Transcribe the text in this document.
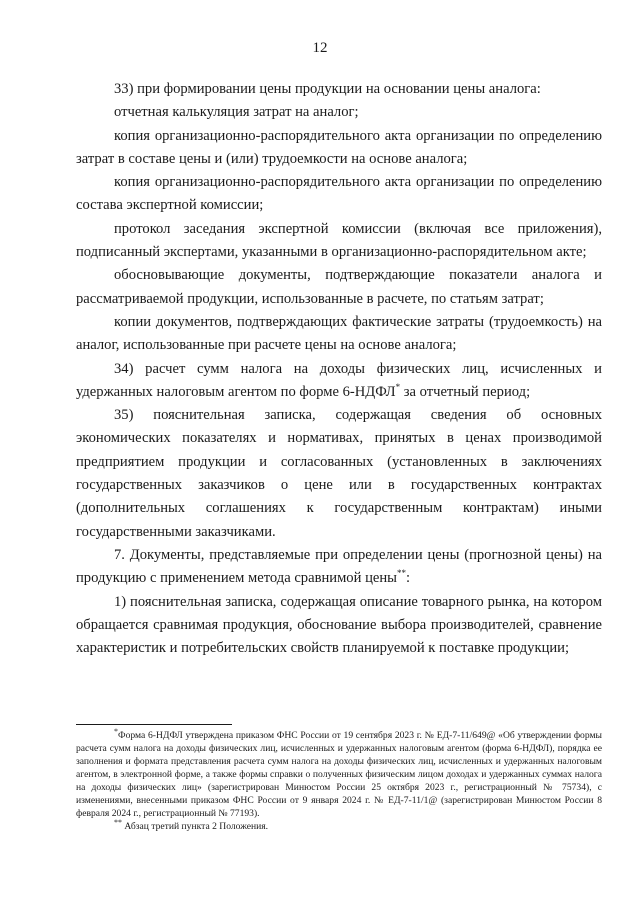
12

33) при формировании цены продукции на основании цены аналога:

отчетная калькуляция затрат на аналог;

копия организационно-распорядительного акта организации по определению затрат в составе цены и (или) трудоемкости на основе аналога;

копия организационно-распорядительного акта организации по определению состава экспертной комиссии;

протокол заседания экспертной комиссии (включая все приложения), подписанный экспертами, указанными в организационно-распорядительном акте;

обосновывающие документы, подтверждающие показатели аналога и рассматриваемой продукции, использованные в расчете, по статьям затрат;

копии документов, подтверждающих фактические затраты (трудоемкость) на аналог, использованные при расчете цены на основе аналога;

34) расчет сумм налога на доходы физических лиц, исчисленных и удержанных налоговым агентом по форме 6-НДФЛ* за отчетный период;

35) пояснительная записка, содержащая сведения об основных экономических показателях и нормативах, принятых в ценах производимой предприятием продукции и согласованных (установленных в заключениях государственных заказчиков о цене или в государственных контрактах (дополнительных соглашениях к государственным контрактам) иными государственными заказчиками.

7. Документы, представляемые при определении цены (прогнозной цены) на продукцию с применением метода сравнимой цены**:

1) пояснительная записка, содержащая описание товарного рынка, на котором обращается сравнимая продукция, обоснование выбора производителей, сравнение характеристик и потребительских свойств планируемой к поставке продукции;

*Форма 6-НДФЛ утверждена приказом ФНС России от 19 сентября 2023 г. № ЕД-7-11/649@ «Об утверждении формы расчета сумм налога на доходы физических лиц, исчисленных и удержанных налоговым агентом (форма 6-НДФЛ), порядка ее заполнения и формата представления расчета сумм налога на доходы физических лиц, исчисленных и удержанных налоговым агентом, в электронной форме, а также формы справки о полученных физическим лицом доходах и удержанных суммах налога на доходы физических лиц» (зарегистрирован Минюстом России 25 октября 2023 г., регистрационный № 75734), с изменениями, внесенными приказом ФНС России от 9 января 2024 г. № ЕД-7-11/1@ (зарегистрирован Минюстом России 8 февраля 2024 г., регистрационный № 77193).

** Абзац третий пункта 2 Положения.
